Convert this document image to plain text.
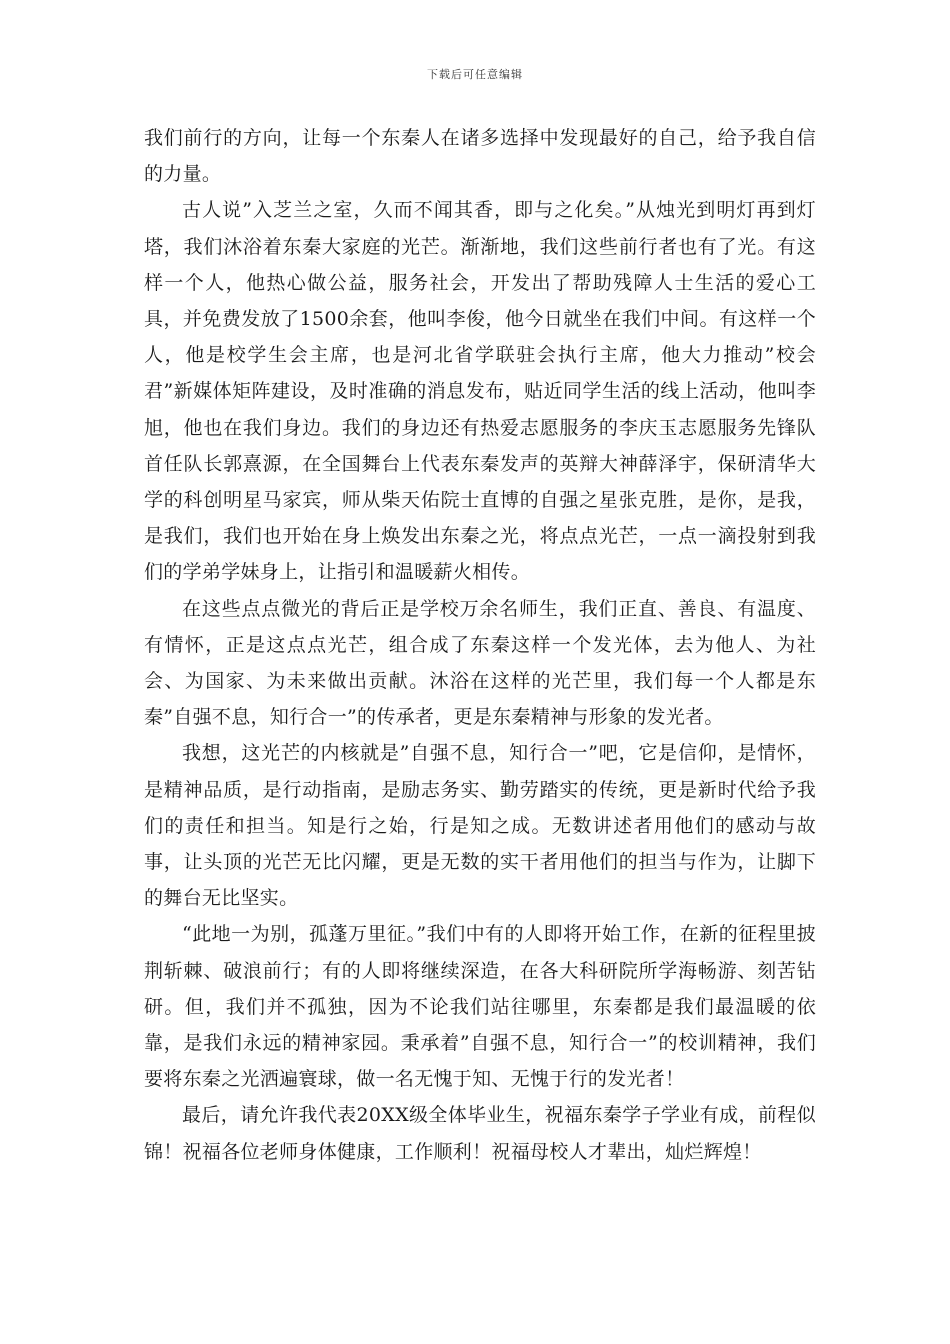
下载后可任意编辑

我们前行的方向，让每一个东秦人在诸多选择中发现最好的自己，给予我自信的力量。

古人说”入芝兰之室，久而不闻其香，即与之化矣。”从烛光到明灯再到灯塔，我们沐浴着东秦大家庭的光芒。渐渐地，我们这些前行者也有了光。有这样一个人，他热心做公益，服务社会，开发出了帮助残障人士生活的爱心工具，并免费发放了1500余套，他叫李俊，他今日就坐在我们中间。有这样一个人，他是校学生会主席，也是河北省学联驻会执行主席，他大力推动”校会君”新媒体矩阵建设，及时准确的消息发布，贴近同学生活的线上活动，他叫李旭，他也在我们身边。我们的身边还有热爱志愿服务的李庆玉志愿服务先锋队首任队长郭熹源，在全国舞台上代表东秦发声的英辩大神薛泽宇，保研清华大学的科创明星马家宾，师从柴天佑院士直博的自强之星张克胜，是你，是我，是我们，我们也开始在身上焕发出东秦之光，将点点光芒，一点一滴投射到我们的学弟学妹身上，让指引和温暖薪火相传。

在这些点点微光的背后正是学校万余名师生，我们正直、善良、有温度、有情怀，正是这点点光芒，组合成了东秦这样一个发光体，去为他人、为社会、为国家、为未来做出贡献。沐浴在这样的光芒里，我们每一个人都是东秦”自强不息，知行合一”的传承者，更是东秦精神与形象的发光者。

我想，这光芒的内核就是”自强不息，知行合一”吧，它是信仰，是情怀，是精神品质，是行动指南，是励志务实、勤劳踏实的传统，更是新时代给予我们的责任和担当。知是行之始，行是知之成。无数讲述者用他们的感动与故事，让头顶的光芒无比闪耀，更是无数的实干者用他们的担当与作为，让脚下的舞台无比坚实。

“此地一为别，孤蓬万里征。”我们中有的人即将开始工作，在新的征程里披荆斩棘、破浪前行；有的人即将继续深造，在各大科研院所学海畅游、刻苦钻研。但，我们并不孤独，因为不论我们站往哪里，东秦都是我们最温暖的依靠，是我们永远的精神家园。秉承着”自强不息，知行合一”的校训精神，我们要将东秦之光洒遍寰球，做一名无愧于知、无愧于行的发光者！

最后，请允许我代表20XX级全体毕业生，祝福东秦学子学业有成，前程似锦！祝福各位老师身体健康，工作顺利！祝福母校人才辈出，灿烂辉煌！
